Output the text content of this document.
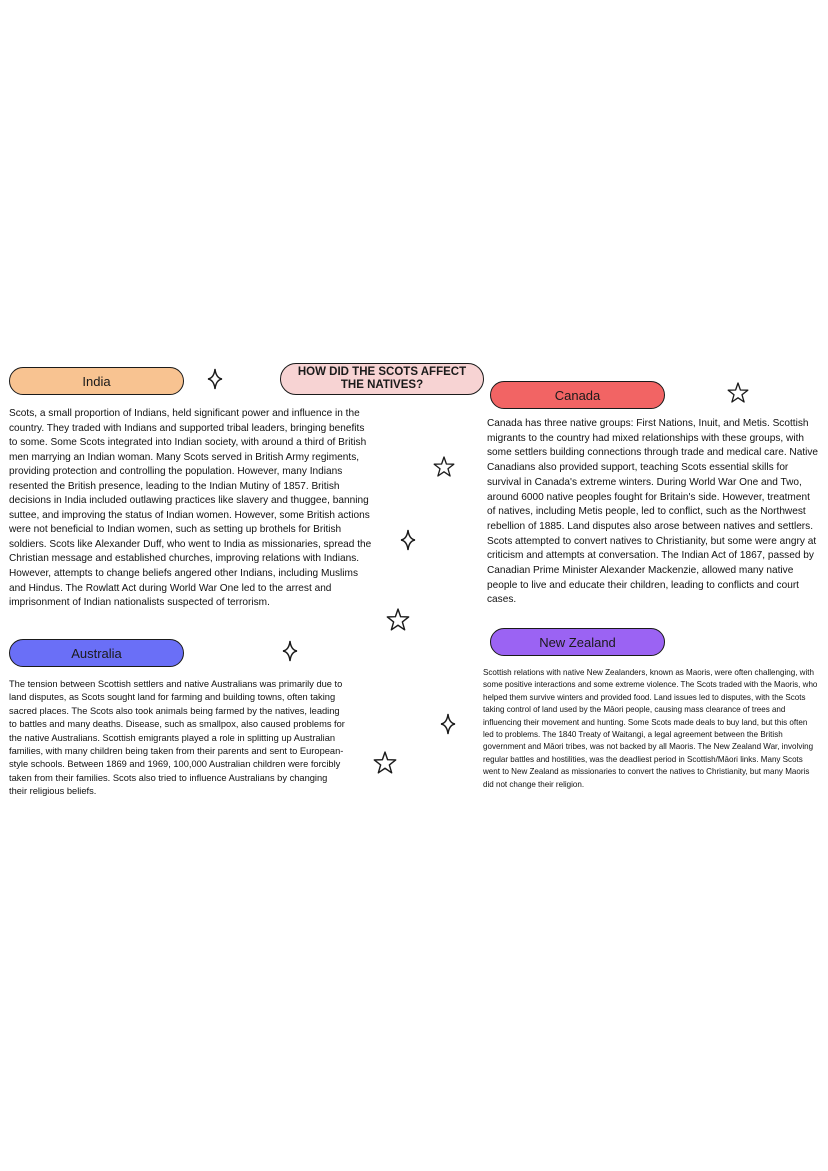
HOW DID THE SCOTS AFFECT THE NATIVES?
India

Scots, a small proportion of Indians, held significant power and influence in the country. They traded with Indians and supported tribal leaders, bringing benefits to some. Some Scots integrated into Indian society, with around a third of British men marrying an Indian woman. Many Scots served in British Army regiments, providing protection and controlling the population. However, many Indians resented the British presence, leading to the Indian Mutiny of 1857. British decisions in India included outlawing practices like slavery and thuggee, banning suttee, and improving the status of Indian women. However, some British actions were not beneficial to Indian women, such as setting up brothels for British soldiers. Scots like Alexander Duff, who went to India as missionaries, spread the Christian message and established churches, improving relations with Indians. However, attempts to change beliefs angered other Indians, including Muslims and Hindus. The Rowlatt Act during World War One led to the arrest and imprisonment of Indian nationalists suspected of terrorism.

Australia

The tension between Scottish settlers and native Australians was primarily due to land disputes, as Scots sought land for farming and building towns, often taking sacred places. The Scots also took animals being farmed by the natives, leading to battles and many deaths. Disease, such as smallpox, also caused problems for the native Australians. Scottish emigrants played a role in splitting up Australian families, with many children being taken from their parents and sent to European-style schools. Between 1869 and 1969, 100,000 Australian children were forcibly taken from their families. Scots also tried to influence Australians by changing their religious beliefs.

Canada

Canada has three native groups: First Nations, Inuit, and Metis. Scottish migrants to the country had mixed relationships with these groups, with some settlers building connections through trade and medical care. Native Canadians also provided support, teaching Scots essential skills for survival in Canada's extreme winters. During World War One and Two, around 6000 native peoples fought for Britain's side. However, treatment of natives, including Metis people, led to conflict, such as the Northwest rebellion of 1885. Land disputes also arose between natives and settlers. Scots attempted to convert natives to Christianity, but some were angry at criticism and attempts at conversation. The Indian Act of 1867, passed by Canadian Prime Minister Alexander Mackenzie, allowed many native people to live and educate their children, leading to conflicts and court cases.

New Zealand

Scottish relations with native New Zealanders, known as Maoris, were often challenging, with some positive interactions and some extreme violence. The Scots traded with the Maoris, who helped them survive winters and provided food. Land issues led to disputes, with the Scots taking control of land used by the Māori people, causing mass clearance of trees and influencing their movement and hunting. Some Scots made deals to buy land, but this often led to problems. The 1840 Treaty of Waitangi, a legal agreement between the British government and Māori tribes, was not backed by all Maoris. The New Zealand War, involving regular battles and hostilities, was the deadliest period in Scottish/Māori links. Many Scots went to New Zealand as missionaries to convert the natives to Christianity, but many Maoris did not change their religion.
